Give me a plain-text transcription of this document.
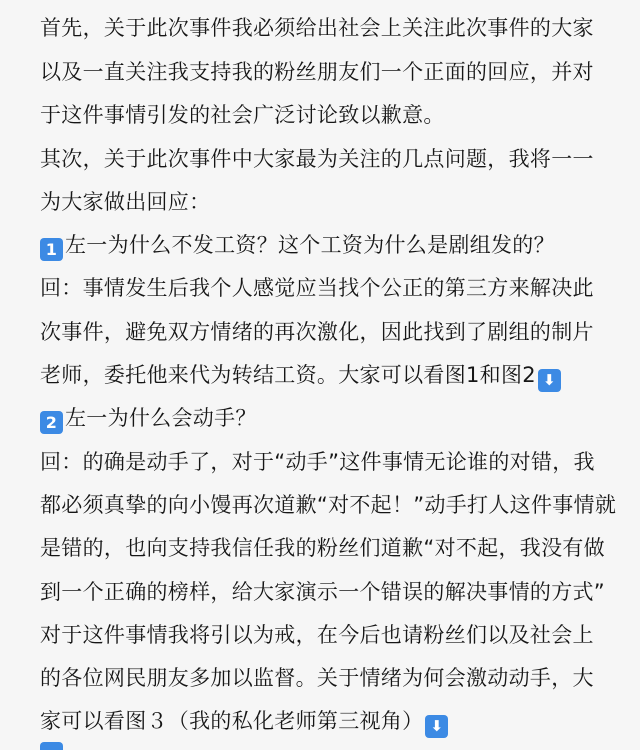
首先，关于此次事件我必须给出社会上关注此次事件的大家
以及一直关注我支持我的粉丝朋友们一个正面的回应，并对
于这件事情引发的社会广泛讨论致以歉意。
其次，关于此次事件中大家最为关注的几点问题，我将一一
为大家做出回应：
1 左一为什么不发工资？这个工资为什么是剧组发的？
回：事情发生后我个人感觉应当找个公正的第三方来解决此
次事件，避免双方情绪的再次激化，因此找到了剧组的制片
老师，委托他来代为转结工资。大家可以看图1和图2 ⬇
2 左一为什么会动手？
回：的确是动手了，对于“动手”这件事情无论谁的对错，我
都必须真挚的向小馒再次道歉“对不起！”动手打人这件事情就
是错的，也向支持我信任我的粉丝们道歉“对不起，我没有做
到一个正确的榜样，给大家演示一个错误的解决事情的方式”
对于这件事情我将引以为戒，在今后也请粉丝们以及社会上
的各位网民朋友多加以监督。关于情绪为何会激动动手，大
家可以看图３（我的私化老师第三视角） ⬇
